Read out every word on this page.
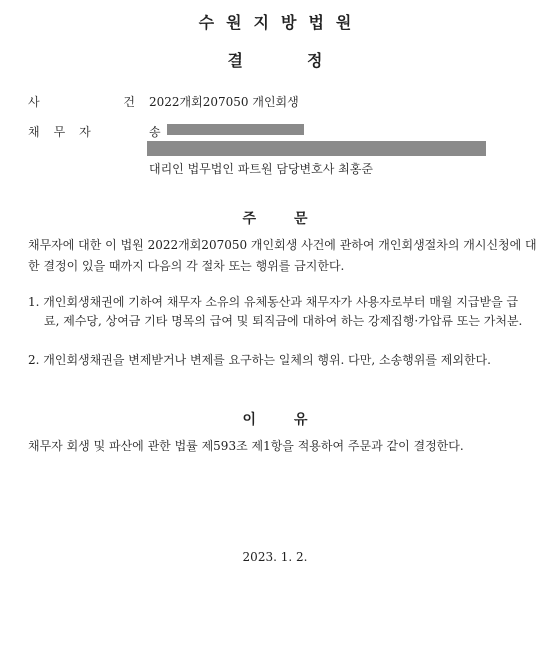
수원지방법원
결정
사 건
2022개회207050 개인회생
채무자	송
대리인 법무법인 파트원 담당변호사 최홍준
주문
채무자에 대한 이 법원 2022개회207050 개인회생 사건에 관하여 개인회생절차의 개시신청에 대한 결정이 있을 때까지 다음의 각 절차 또는 행위를 금지한다.
1. 개인회생채권에 기하여 채무자 소유의 유체동산과 채무자가 사용자로부터 매월 지급받을 급료, 제수당, 상여금 기타 명목의 급여 및 퇴직금에 대하여 하는 강제집행·가압류 또는 가처분.
2. 개인회생채권을 변제받거나 변제를 요구하는 일체의 행위. 다만, 소송행위를 제외한다.
이유
채무자 회생 및 파산에 관한 법률 제593조 제1항을 적용하여 주문과 같이 결정한다.
2023. 1. 2.
